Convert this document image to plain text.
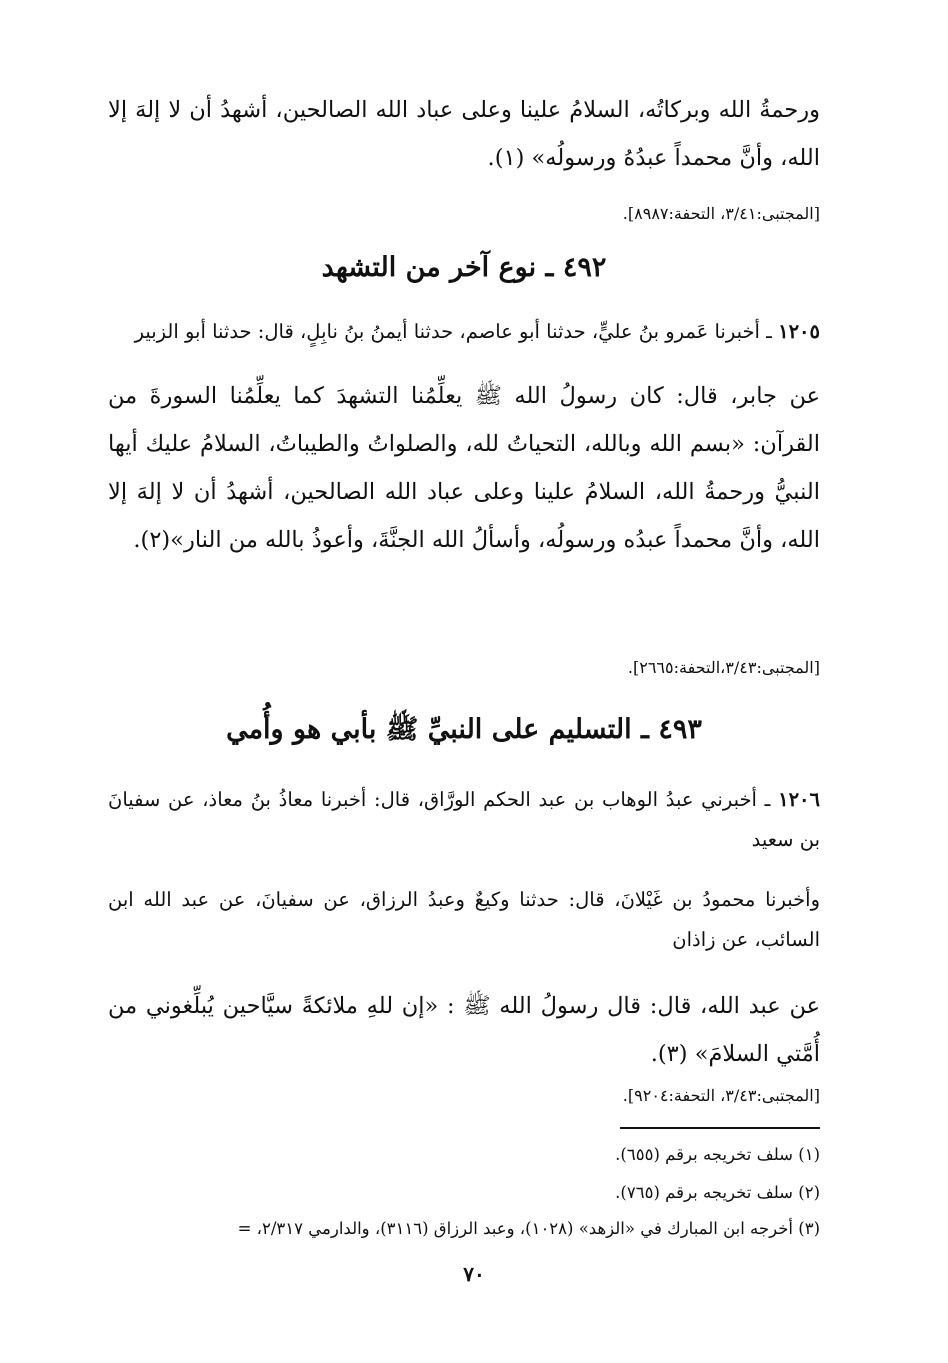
ورحمةُ الله وبركاتُه، السلامُ علينا وعلى عباد الله الصالحين، أشهدُ أن لا إلهَ إلا الله، وأنَّ محمداً عبدُهُ ورسولُه» (١).

[المجتبى:٣/٤١، التحفة:٨٩٨٧].

٤٩٢ ـ نوع آخر من التشهد

١٢٠٥ ـ أخبرنا عَمرو بنُ عليٍّ، حدثنا أبو عاصم، حدثنا أيمنُ بنُ نابِلٍ، قال: حدثنا أبو الزبير

عن جابر، قال: كان رسولُ الله ﷺ يعلِّمُنا التشهدَ كما يعلِّمُنا السورةَ من القرآن: «بسم الله وبالله، التحياتُ لله، والصلواتُ والطيباتُ، السلامُ عليك أيها النبيُّ ورحمةُ الله، السلامُ علينا وعلى عباد الله الصالحين، أشهدُ أن لا إلهَ إلا الله، وأنَّ محمداً عبدُه ورسولُه، وأسألُ الله الجنَّةَ، وأعوذُ بالله من النار»(٢).

[المجتبى:٣/٤٣،التحفة:٢٦٦٥].

٤٩٣ ـ التسليم على النبيِّ ﷺ بأبي هو وأُمي

١٢٠٦ ـ أخبرني عبدُ الوهاب بن عبد الحكم الورَّاق، قال: أخبرنا معاذُ بنُ معاذ، عن سفيانَ بن سعيد

وأخبرنا محمودُ بن غَيْلانَ، قال: حدثنا وكيعٌ وعبدُ الرزاق، عن سفيانَ، عن عبد الله ابن السائب، عن زاذان

عن عبد الله، قال: قال رسولُ الله ﷺ : «إن للهِ ملائكةً سيَّاحين يُبلِّغوني من أُمَّتي السلامَ» (٣).

[المجتبى:٣/٤٣، التحفة:٩٢٠٤].

(١) سلف تخريجه برقم (٦٥٥).

(٢) سلف تخريجه برقم (٧٦٥).

(٣) أخرجه ابن المبارك في «الزهد» (١٠٢٨)، وعبد الرزاق (٣١١٦)، والدارمي ٢/٣١٧، =

٧٠
